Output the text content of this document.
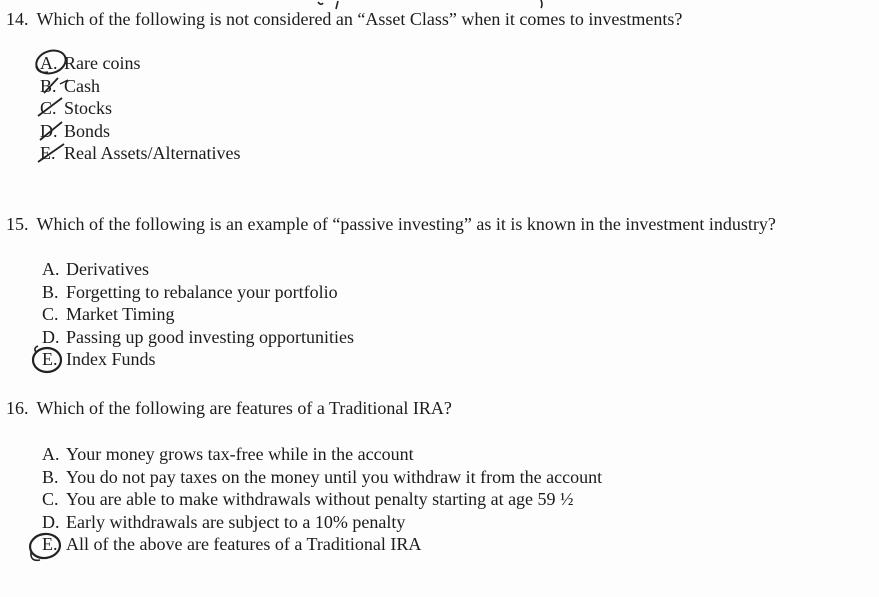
14. Which of the following is not considered an “Asset Class” when it comes to investments?
A. Rare coins
B. Cash
C. Stocks
D. Bonds
E. Real Assets/Alternatives
15. Which of the following is an example of “passive investing” as it is known in the investment industry?
A. Derivatives
B. Forgetting to rebalance your portfolio
C. Market Timing
D. Passing up good investing opportunities
E. Index Funds
16. Which of the following are features of a Traditional IRA?
A. Your money grows tax-free while in the account
B. You do not pay taxes on the money until you withdraw it from the account
C. You are able to make withdrawals without penalty starting at age 59 ½
D. Early withdrawals are subject to a 10% penalty
E. All of the above are features of a Traditional IRA
